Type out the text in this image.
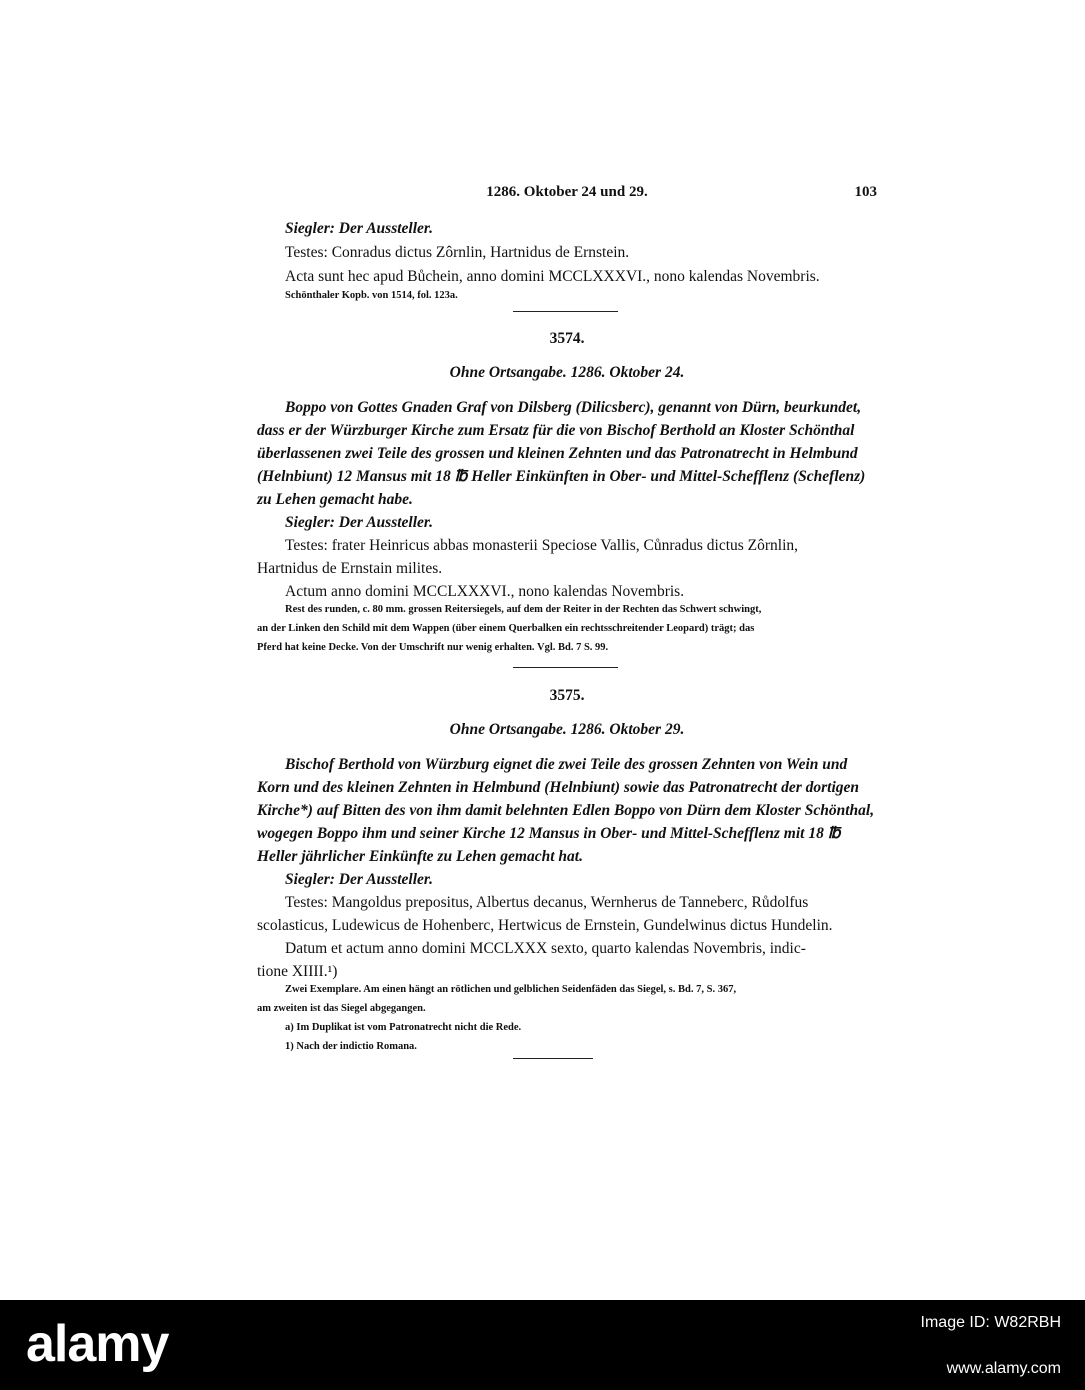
1286. Oktober 24 und 29.	103
Siegler: Der Aussteller.
Testes: Conradus dictus Zôrnlin, Hartnidus de Ernstein.
Acta sunt hec apud Bůchein, anno domini MCCLXXXVI., nono kalendas Novembris.
Schönthaler Kopb. von 1514, fol. 123a.
3574.
Ohne Ortsangabe. 1286. Oktober 24.
Boppo von Gottes Gnaden Graf von Dilsberg (Dilicsberc), genannt von Dürn, beurkundet,
dass er der Würzburger Kirche zum Ersatz für die von Bischof Berthold an Kloster Schönthal
überlassenen zwei Teile des grossen und kleinen Zehnten und das Patronatrecht in Helmbund
(Helnbiunt) 12 Mansus mit 18 ℔ Heller Einkünften in Ober- und Mittel-Schefflenz (Scheflenz)
zu Lehen gemacht habe.
Siegler: Der Aussteller.
Testes: frater Heinricus abbas monasterii Speciose Vallis, Cůnradus dictus Zôrnlin,
Hartnidus de Ernstain milites.
Actum anno domini MCCLXXXVI., nono kalendas Novembris.
Rest des runden, c. 80 mm. grossen Reitersiegels, auf dem der Reiter in der Rechten das Schwert schwingt,
an der Linken den Schild mit dem Wappen (über einem Querbalken ein rechtsschreitender Leopard) trägt; das
Pferd hat keine Decke. Von der Umschrift nur wenig erhalten. Vgl. Bd. 7 S. 99.
3575.
Ohne Ortsangabe. 1286. Oktober 29.
Bischof Berthold von Würzburg eignet die zwei Teile des grossen Zehnten von Wein und
Korn und des kleinen Zehnten in Helmbund (Helnbiunt) sowie das Patronatrecht der dortigen
Kirche*) auf Bitten des von ihm damit belehnten Edlen Boppo von Dürn dem Kloster Schönthal,
wogegen Boppo ihm und seiner Kirche 12 Mansus in Ober- und Mittel-Schefflenz mit 18 ℔
Heller jährlicher Einkünfte zu Lehen gemacht hat.
Siegler: Der Aussteller.
Testes: Mangoldus prepositus, Albertus decanus, Wernherus de Tanneberc, Růdolfus
scolasticus, Ludewicus de Hohenberc, Hertwicus de Ernstein, Gundelwinus dictus Hundelin.
Datum et actum anno domini MCCLXXX sexto, quarto kalendas Novembris, indic-
tione XIIII.¹)
Zwei Exemplare. Am einen hängt an rötlichen und gelblichen Seidenfäden das Siegel, s. Bd. 7, S. 367,
am zweiten ist das Siegel abgegangen.
a) Im Duplikat ist vom Patronatrecht nicht die Rede.
1) Nach der indictio Romana.
alamy	Image ID: W82RBH
www.alamy.com
